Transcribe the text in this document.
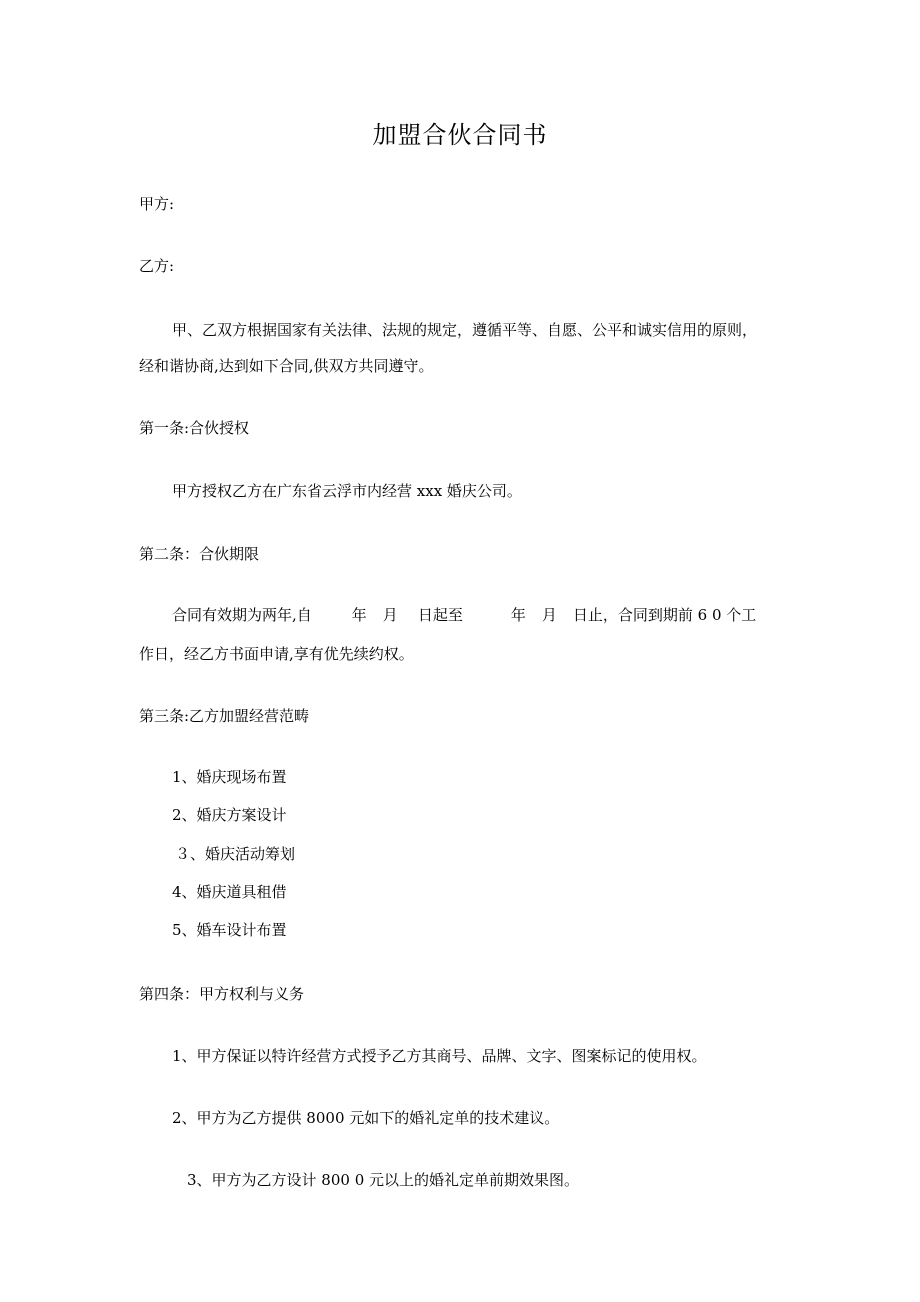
加盟合伙合同书
甲方:
乙方:
甲、乙双方根据国家有关法律、法规的规定，遵循平等、自愿、公平和诚实信用的原则，
经和谐协商,达到如下合同,供双方共同遵守。
第一条:合伙授权
甲方授权乙方在广东省云浮市内经营 xxx 婚庆公司。
第二条：合伙期限
合同有效期为两年,自	年 月 日起至	年 月 日止，合同到期前 6 0 个工
作日，经乙方书面申请,享有优先续约权。
第三条:乙方加盟经营范畴
1、婚庆现场布置
2、婚庆方案设计
３、婚庆活动筹划
4、婚庆道具租借
5、婚车设计布置
第四条：甲方权利与义务
1、甲方保证以特许经营方式授予乙方其商号、品牌、文字、图案标记的使用权。
2、甲方为乙方提供 8000 元如下的婚礼定单的技术建议。
3、甲方为乙方设计 800 0 元以上的婚礼定单前期效果图。
